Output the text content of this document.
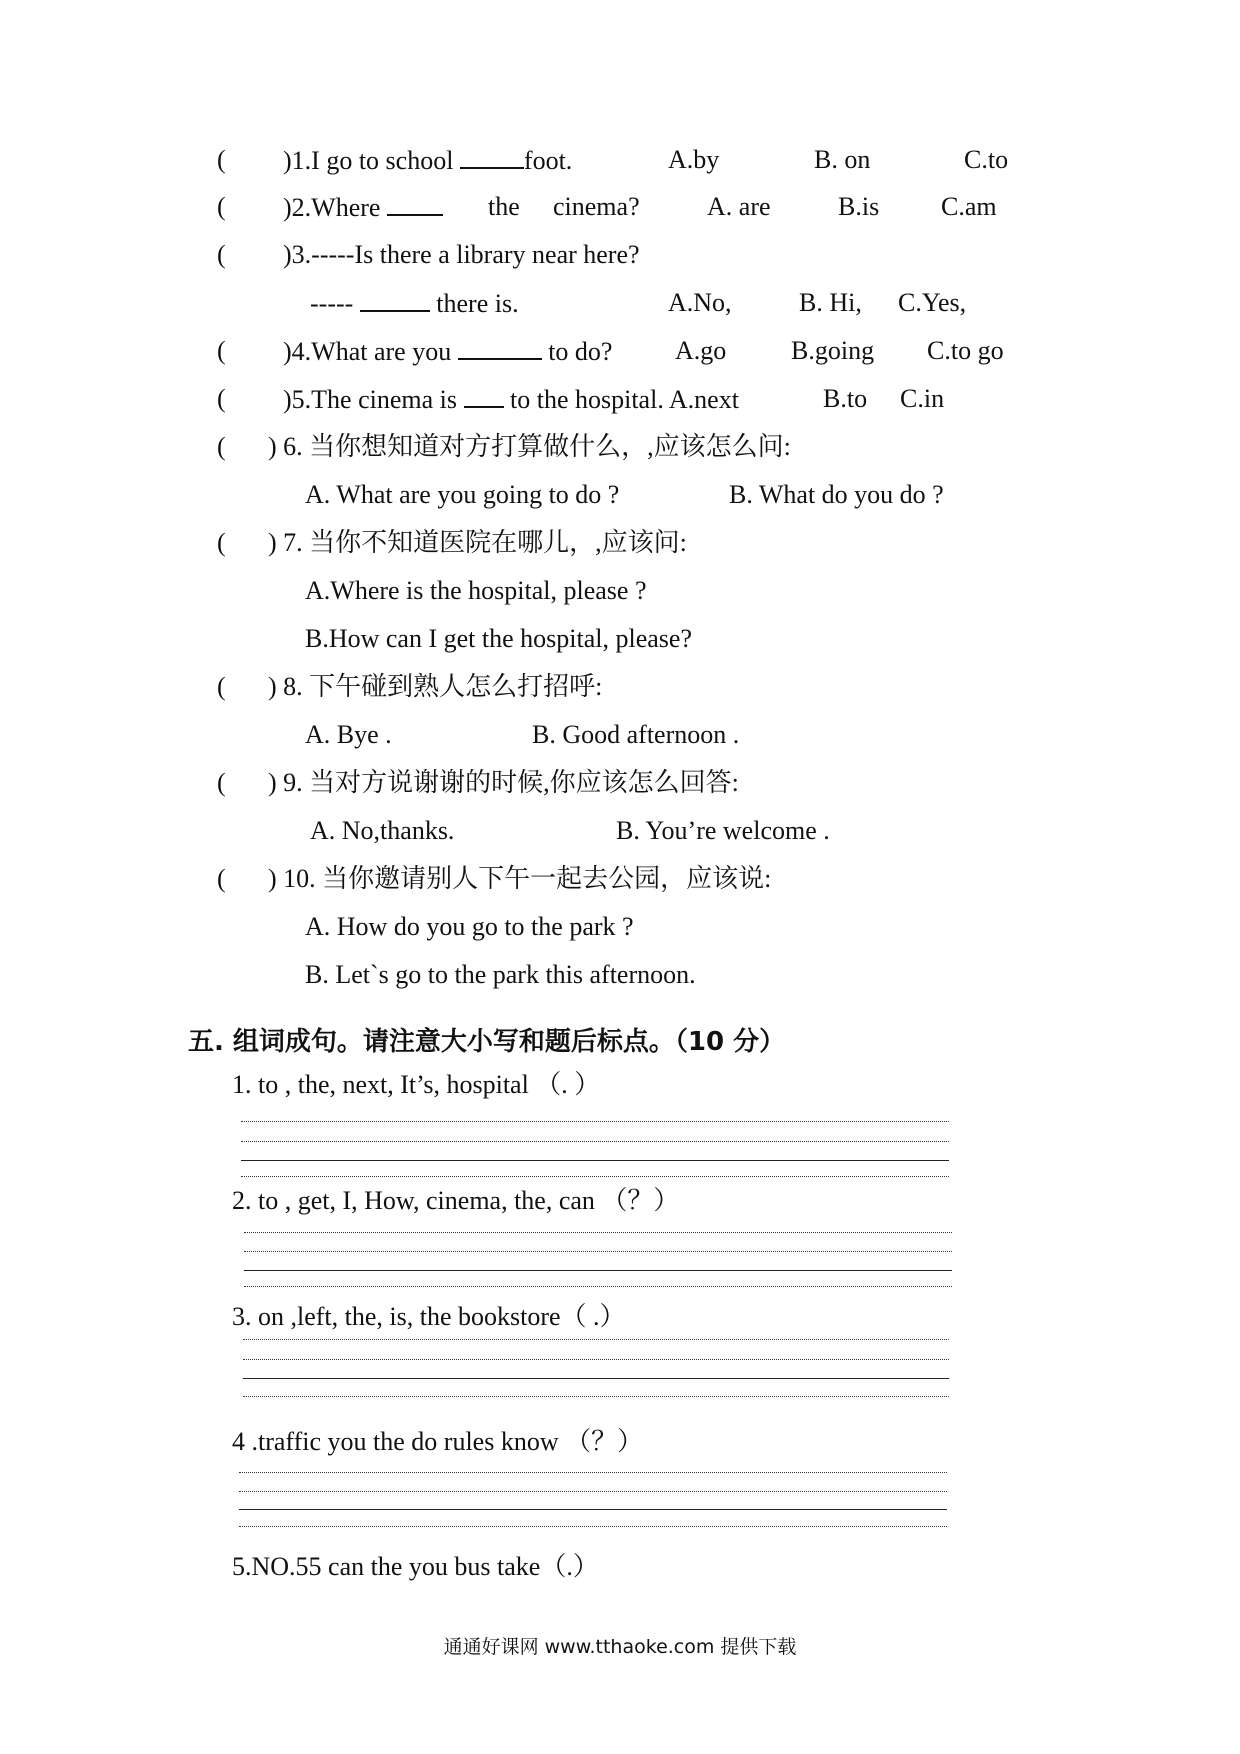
( )1.I go to school	foot.	A.by	B. on	C.to
( )2.Where	the cinema?	A. are	B.is C.am
( )3.-----Is there a library near here?
-----	there is.	A.No,	B. Hi, C.Yes,
( )4.What are you	to do? A.go B.going C.to go
( )5.The cinema is to the hospital. A.next	B.to C.in
( ) 6. 当你想知道对方打算做什么，,应该怎么问:
A. What are you going to do ?	B. What do you do ?
( ) 7. 当你不知道医院在哪儿，,应该问:
A.Where is the hospital, please ?
B.How can I get the hospital, please?
( ) 8. 下午碰到熟人怎么打招呼:
A. Bye .	B. Good afternoon .
( ) 9. 当对方说谢谢的时候,你应该怎么回答:
A. No,thanks.	B. You’re welcome .
( ) 10. 当你邀请别人下午一起去公园，应该说:
A. How do you go to the park ?
B. Let`s go to the park this afternoon.
五. 组词成句。请注意大小写和题后标点。（10 分）
1. to , the, next, It’s, hospital （. ）
2. to , get, I, How, cinema, the, can （？）
3. on ,left, the, is, the bookstore（ .）
4 .traffic you the do rules know （？）
5.NO.55 can the you bus take（.）
通通好课网 www.tthaoke.com 提供下载
